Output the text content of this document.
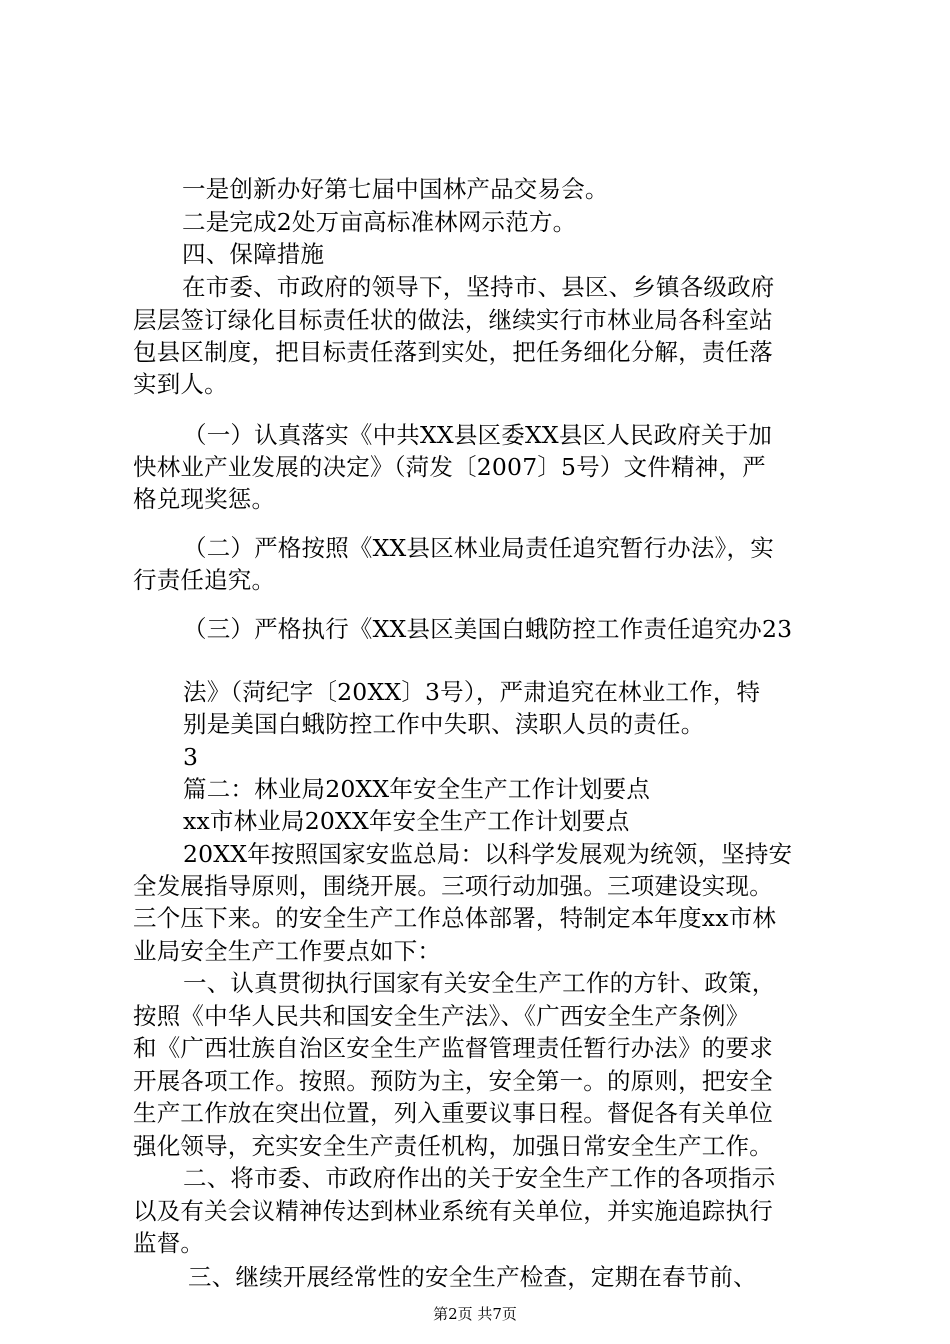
一是创新办好第七届中国林产品交易会。
二是完成2处万亩高标准林网示范方。
四、保障措施
在市委、市政府的领导下，坚持市、县区、乡镇各级政府
层层签订绿化目标责任状的做法，继续实行市林业局各科室站
包县区制度，把目标责任落到实处，把任务细化分解，责任落
实到人。
（一）认真落实《中共XX县区委XX县区人民政府关于加
快林业产业发展的决定》（菏发〔2007〕5号）文件精神，严
格兑现奖惩。
（二）严格按照《XX县区林业局责任追究暂行办法》，实
行责任追究。
（三）严格执行《XX县区美国白蛾防控工作责任追究办23
法》（菏纪字〔20XX〕3号），严肃追究在林业工作，特
别是美国白蛾防控工作中失职、渎职人员的责任。
3
篇二：林业局20XX年安全生产工作计划要点
xx市林业局20XX年安全生产工作计划要点
20XX年按照国家安监总局：以科学发展观为统领，坚持安
全发展指导原则，围绕开展。三项行动加强。三项建设实现。
三个压下来。的安全生产工作总体部署，特制定本年度xx市林
业局安全生产工作要点如下：
一、认真贯彻执行国家有关安全生产工作的方针、政策，
按照《中华人民共和国安全生产法》、《广西安全生产条例》
和《广西壮族自治区安全生产监督管理责任暂行办法》的要求
开展各项工作。按照。预防为主，安全第一。的原则，把安全
生产工作放在突出位置，列入重要议事日程。督促各有关单位
强化领导，充实安全生产责任机构，加强日常安全生产工作。
二、将市委、市政府作出的关于安全生产工作的各项指示
以及有关会议精神传达到林业系统有关单位，并实施追踪执行
监督。
三、继续开展经常性的安全生产检查，定期在春节前、
第2页 共7页
